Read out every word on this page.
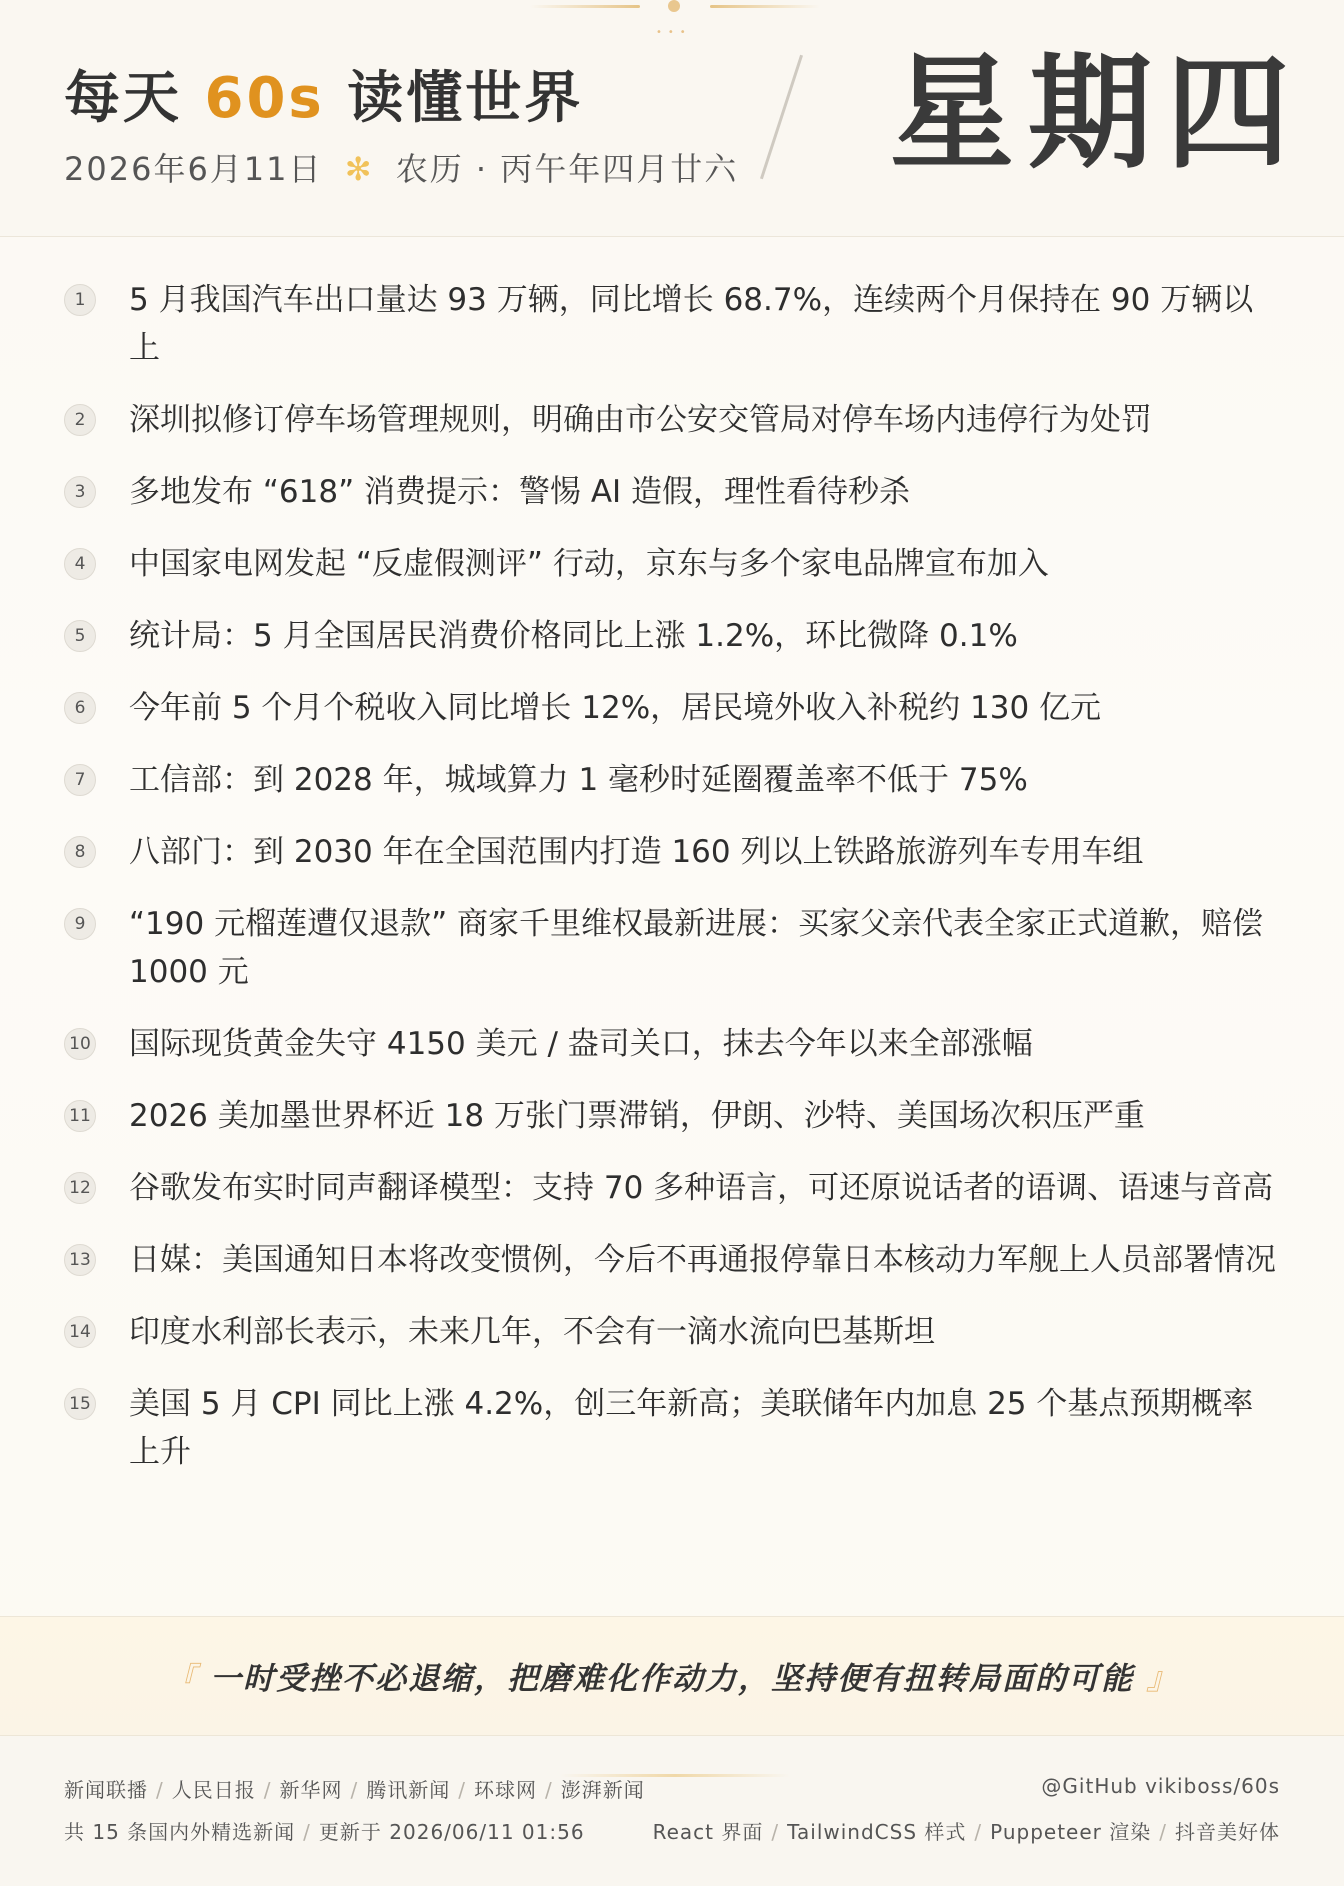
•••
每天 60s 读懂世界
2026年6月11日 ✻ 农历 · 丙午年四月廿六 星期四
1	5 月我国汽车出口量达 93 万辆，同比增长 68.7%，连续两个月保持在 90 万辆以上
2	深圳拟修订停车场管理规则，明确由市公安交管局对停车场内违停行为处罚
3	多地发布 “618” 消费提示：警惕 AI 造假，理性看待秒杀
4	中国家电网发起 “反虚假测评” 行动，京东与多个家电品牌宣布加入
5	统计局：5 月全国居民消费价格同比上涨 1.2%，环比微降 0.1%
6	今年前 5 个月个税收入同比增长 12%，居民境外收入补税约 130 亿元
7	工信部：到 2028 年，城域算力 1 毫秒时延圈覆盖率不低于 75%
8	八部门：到 2030 年在全国范围内打造 160 列以上铁路旅游列车专用车组
9	“190 元榴莲遭仅退款” 商家千里维权最新进展：买家父亲代表全家正式道歉，赔偿 1000 元
10 国际现货黄金失守 4150 美元 / 盎司关口，抹去今年以来全部涨幅
11 2026 美加墨世界杯近 18 万张门票滞销，伊朗、沙特、美国场次积压严重
12 谷歌发布实时同声翻译模型：支持 70 多种语言，可还原说话者的语调、语速与音高
13 日媒：美国通知日本将改变惯例，今后不再通报停靠日本核动力军舰上人员部署情况
14 印度水利部长表示，未来几年，不会有一滴水流向巴基斯坦
15 美国 5 月 CPI 同比上涨 4.2%，创三年新高；美联储年内加息 25 个基点预期概率上升
『 一时受挫不必退缩，把磨难化作动力，坚持便有扭转局面的可能 』
新闻联播 / 人民日报 / 新华网 / 腾讯新闻 / 环球网 / 澎湃新闻
共 15 条国内外精选新闻 / 更新于 2026/06/11 01:56
@GitHub vikiboss/60s
React 界面 / TailwindCSS 样式 / Puppeteer 渲染 / 抖音美好体
